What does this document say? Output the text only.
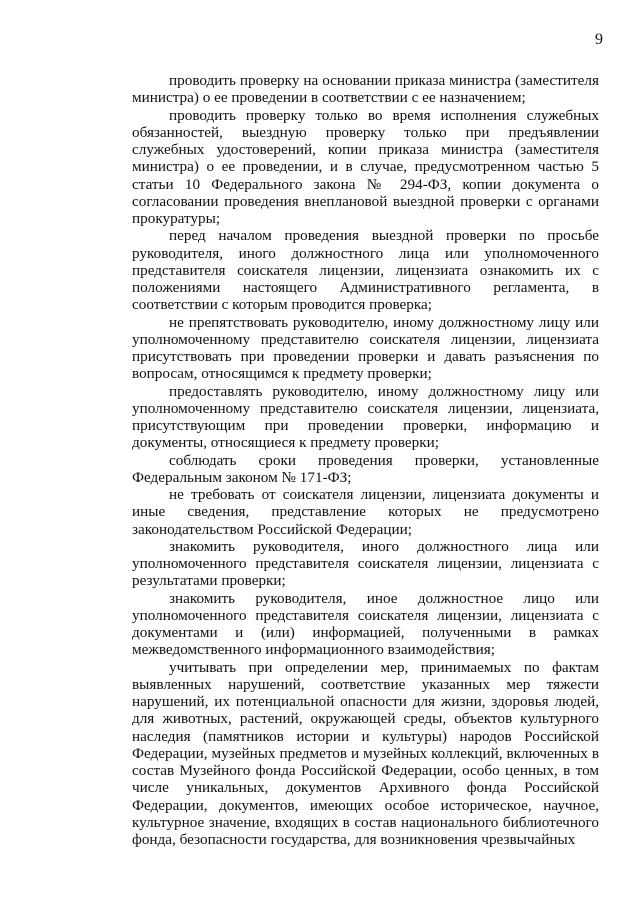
9

проводить проверку на основании приказа министра (заместителя министра) о ее проведении в соответствии с ее назначением;

проводить проверку только во время исполнения служебных обязанностей, выездную проверку только при предъявлении служебных удостоверений, копии приказа министра (заместителя министра) о ее проведении, и в случае, предусмотренном частью 5 статьи 10 Федерального закона № 294-ФЗ, копии документа о согласовании проведения внеплановой выездной проверки с органами прокуратуры;

перед началом проведения выездной проверки по просьбе руководителя, иного должностного лица или уполномоченного представителя соискателя лицензии, лицензиата ознакомить их с положениями настоящего Административного регламента, в соответствии с которым проводится проверка;

не препятствовать руководителю, иному должностному лицу или уполномоченному представителю соискателя лицензии, лицензиата присутствовать при проведении проверки и давать разъяснения по вопросам, относящимся к предмету проверки;

предоставлять руководителю, иному должностному лицу или уполномоченному представителю соискателя лицензии, лицензиата, присутствующим при проведении проверки, информацию и документы, относящиеся к предмету проверки;

соблюдать сроки проведения проверки, установленные Федеральным законом № 171-ФЗ;

не требовать от соискателя лицензии, лицензиата документы и иные сведения, представление которых не предусмотрено законодательством Российской Федерации;

знакомить руководителя, иного должностного лица или уполномоченного представителя соискателя лицензии, лицензиата с результатами проверки;

знакомить руководителя, иное должностное лицо или уполномоченного представителя соискателя лицензии, лицензиата с документами и (или) информацией, полученными в рамках межведомственного информационного взаимодействия;

учитывать при определении мер, принимаемых по фактам выявленных нарушений, соответствие указанных мер тяжести нарушений, их потенциальной опасности для жизни, здоровья людей, для животных, растений, окружающей среды, объектов культурного наследия (памятников истории и культуры) народов Российской Федерации, музейных предметов и музейных коллекций, включенных в состав Музейного фонда Российской Федерации, особо ценных, в том числе уникальных, документов Архивного фонда Российской Федерации, документов, имеющих особое историческое, научное, культурное значение, входящих в состав национального библиотечного фонда, безопасности государства, для возникновения чрезвычайных
